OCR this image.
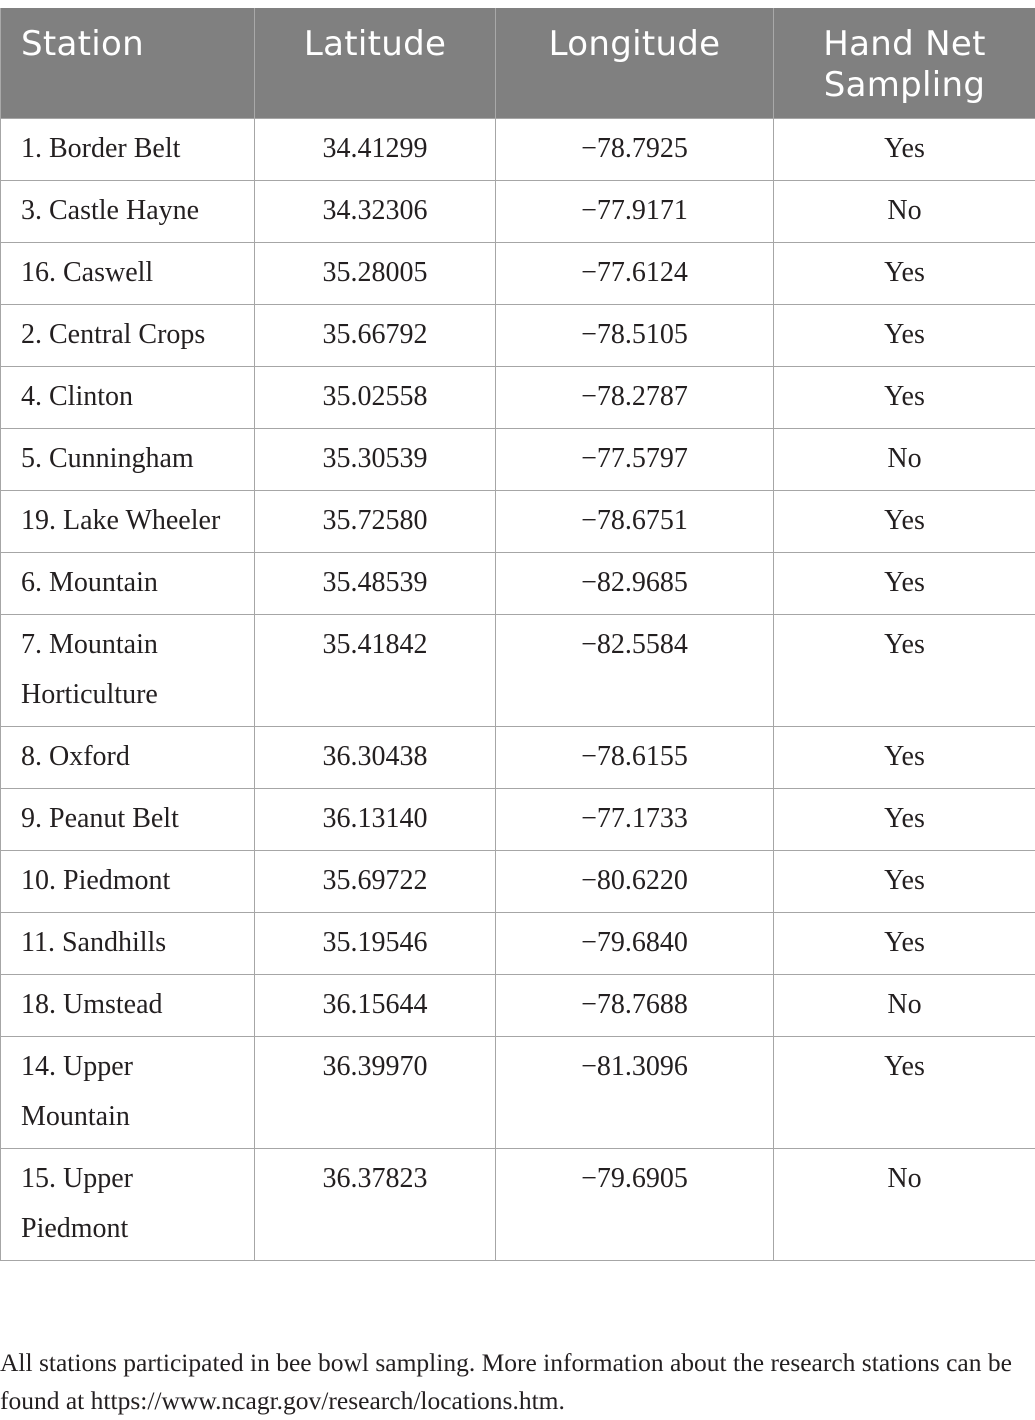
Station	Latitude	Longitude	Hand Net Sampling
1. Border Belt	34.41299	−78.7925	Yes
3. Castle Hayne	34.32306	−77.9171	No
16. Caswell	35.28005	−77.6124	Yes
2. Central Crops	35.66792	−78.5105	Yes
4. Clinton	35.02558	−78.2787	Yes
5. Cunningham	35.30539	−77.5797	No
19. Lake Wheeler	35.72580	−78.6751	Yes
6. Mountain	35.48539	−82.9685	Yes
7. Mountain Horticulture	35.41842	−82.5584	Yes
8. Oxford	36.30438	−78.6155	Yes
9. Peanut Belt	36.13140	−77.1733	Yes
10. Piedmont	35.69722	−80.6220	Yes
11. Sandhills	35.19546	−79.6840	Yes
18. Umstead	36.15644	−78.7688	No
14. Upper Mountain	36.39970	−81.3096	Yes
15. Upper Piedmont	36.37823	−79.6905	No

All stations participated in bee bowl sampling. More information about the research stations can be found at https://www.ncagr.gov/research/locations.htm.
